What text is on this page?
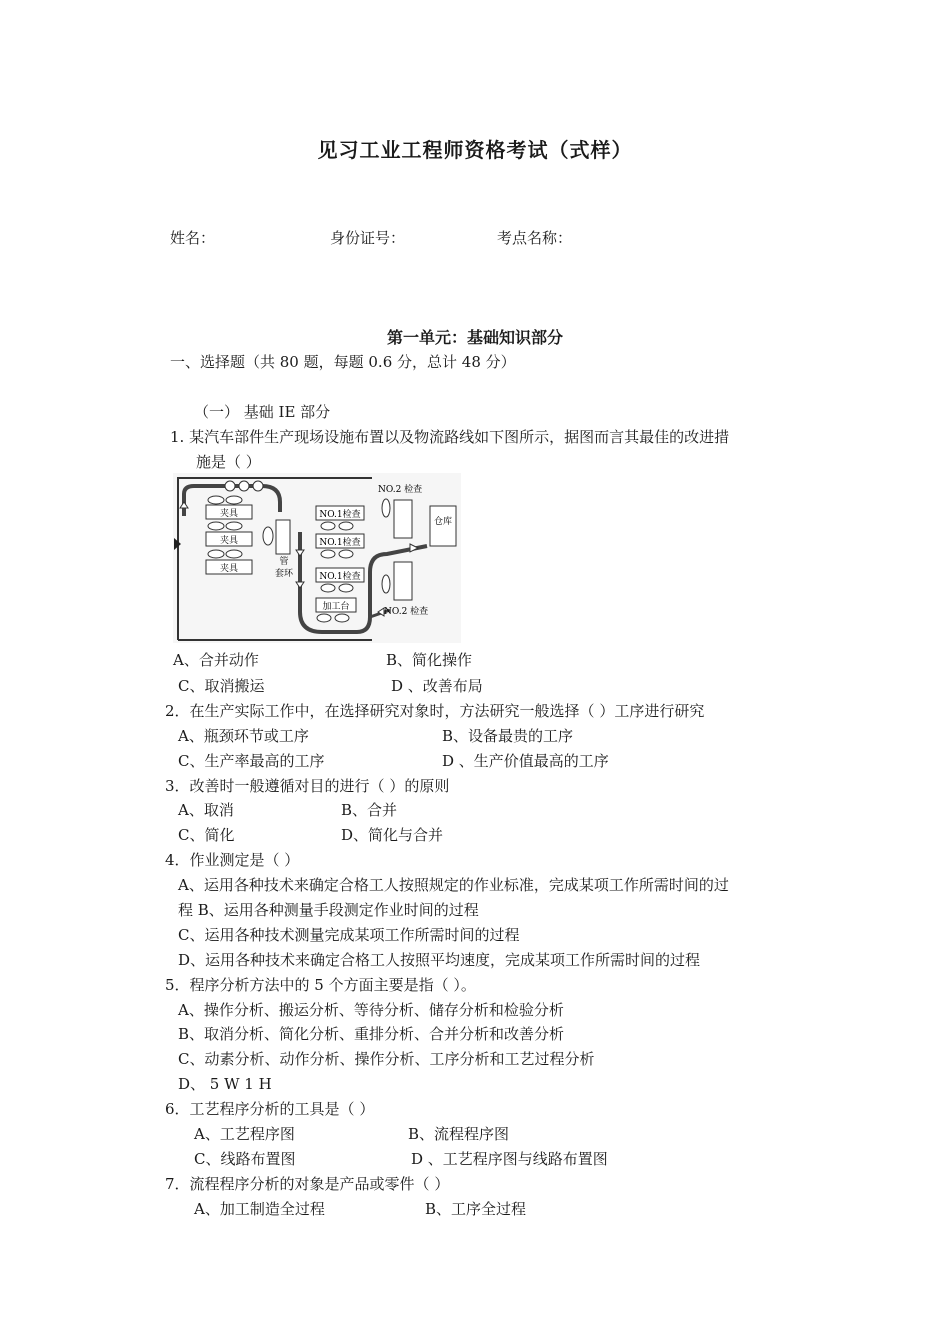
见习工业工程师资格考试（式样）
姓名：	身份证号：	考点名称：
第一单元：基础知识部分
一、选择题（共 80 题，每题 0.6 分，总计 48 分）
（一） 基础 IE 部分
1. 某汽车部件生产现场设施布置以及物流路线如下图所示，据图而言其最佳的改进措
施是（ ）
夹具
夹具
夹具
管
套环
NO.1检查
NO.1检查
NO.1检查
加工台
NO.2 检查
NO.2 检查
仓库
A、合并动作	B、简化操作
C、取消搬运	D 、改善布局
2．在生产实际工作中，在选择研究对象时，方法研究一般选择（ ）工序进行研究
A、瓶颈环节或工序	B、设备最贵的工序
C、生产率最高的工序	D 、生产价值最高的工序
3．改善时一般遵循对目的进行（ ）的原则
A、取消	B、合并
C、简化	D、简化与合并
4．作业测定是（ ）
A、运用各种技术来确定合格工人按照规定的作业标准，完成某项工作所需时间的过
程 B、运用各种测量手段测定作业时间的过程
C、运用各种技术测量完成某项工作所需时间的过程
D、运用各种技术来确定合格工人按照平均速度，完成某项工作所需时间的过程
5．程序分析方法中的 5 个方面主要是指（ ）。
A、操作分析、搬运分析、等待分析、储存分析和检验分析
B、取消分析、简化分析、重排分析、合并分析和改善分析
C、动素分析、动作分析、操作分析、工序分析和工艺过程分析
D、 5 W 1 H
6．工艺程序分析的工具是（ ）
A、工艺程序图	B、流程程序图
C、线路布置图	D 、工艺程序图与线路布置图
7．流程程序分析的对象是产品或零件（ ）
A、加工制造全过程	B、工序全过程
